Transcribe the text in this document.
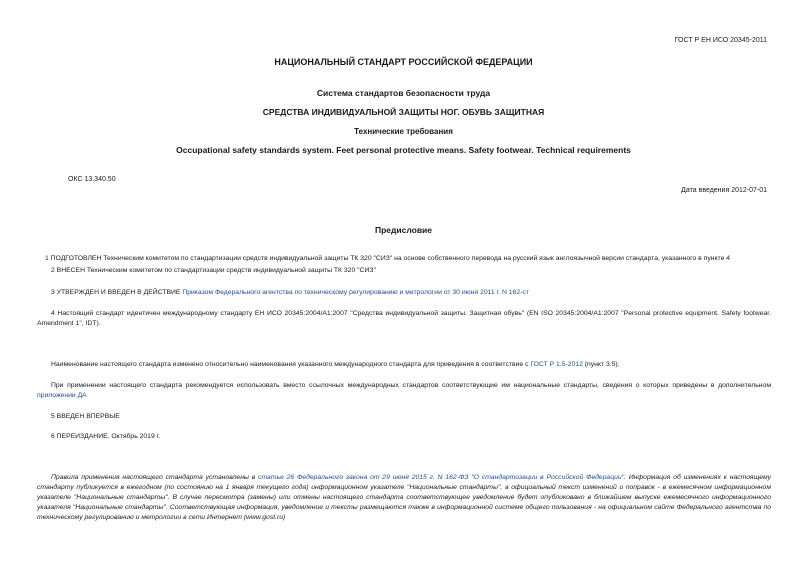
ГОСТ Р ЕН ИСО 20345-2011
НАЦИОНАЛЬНЫЙ СТАНДАРТ РОССИЙСКОЙ ФЕДЕРАЦИИ
Система стандартов безопасности труда
СРЕДСТВА ИНДИВИДУАЛЬНОЙ ЗАЩИТЫ НОГ. ОБУВЬ ЗАЩИТНАЯ
Технические требования
Occupational safety standards system. Feet personal protective means. Safety footwear. Technical requirements
ОКС 13.340.50
Дата введения 2012-07-01
Предисловие
1 ПОДГОТОВЛЕН Техническим комитетом по стандартизации средств индивидуальной защиты ТК 320 "СИЗ" на основе собственного перевода на русский язык англоязычной версии стандарта, указанного в пункте 4
2 ВНЕСЕН Техническим комитетом по стандартизации средств индивидуальной защиты ТК 320 "СИЗ"
3 УТВЕРЖДЕН И ВВЕДЕН В ДЕЙСТВИЕ Приказом Федерального агентства по техническому регулированию и метрологии от 30 июня 2011 г. N 162-ст
4 Настоящий стандарт идентичен международному стандарту ЕН ИСО 20345:2004/A1:2007 "Средства индивидуальной защиты. Защитная обувь" (EN ISO 20345:2004/A1:2007 "Personal protective equipment. Safety footwear. Amendment 1", IDT).
Наименование настоящего стандарта изменено относительно наименования указанного международного стандарта для приведения в соответствие с ГОСТ Р 1.5-2012 (пункт 3.5).
При применении настоящего стандарта рекомендуется использовать вместо ссылочных международных стандартов соответствующие им национальные стандарты, сведения о которых приведены в дополнительном приложении ДА
5 ВВЕДЕН ВПЕРВЫЕ
6 ПЕРЕИЗДАНИЕ. Октябрь 2019 г.
Правила применения настоящего стандарта установлены в статье 26 Федерального закона от 29 июня 2015 г. N 162-ФЗ "О стандартизации в Российской Федерации". Информация об изменениях к настоящему стандарту публикуется в ежегодном (по состоянию на 1 января текущего года) информационном указателе "Национальные стандарты", а официальный текст изменений и поправок - в ежемесячном информационном указателе "Национальные стандарты". В случае пересмотра (замены) или отмены настоящего стандарта соответствующее уведомление будет опубликовано в ближайшем выпуске ежемесячного информационного указателя "Национальные стандарты". Соответствующая информация, уведомление и тексты размещаются также в информационной системе общего пользования - на официальном сайте Федерального агентства по техническому регулированию и метрологии в сети Интернет (www.gost.ru)
